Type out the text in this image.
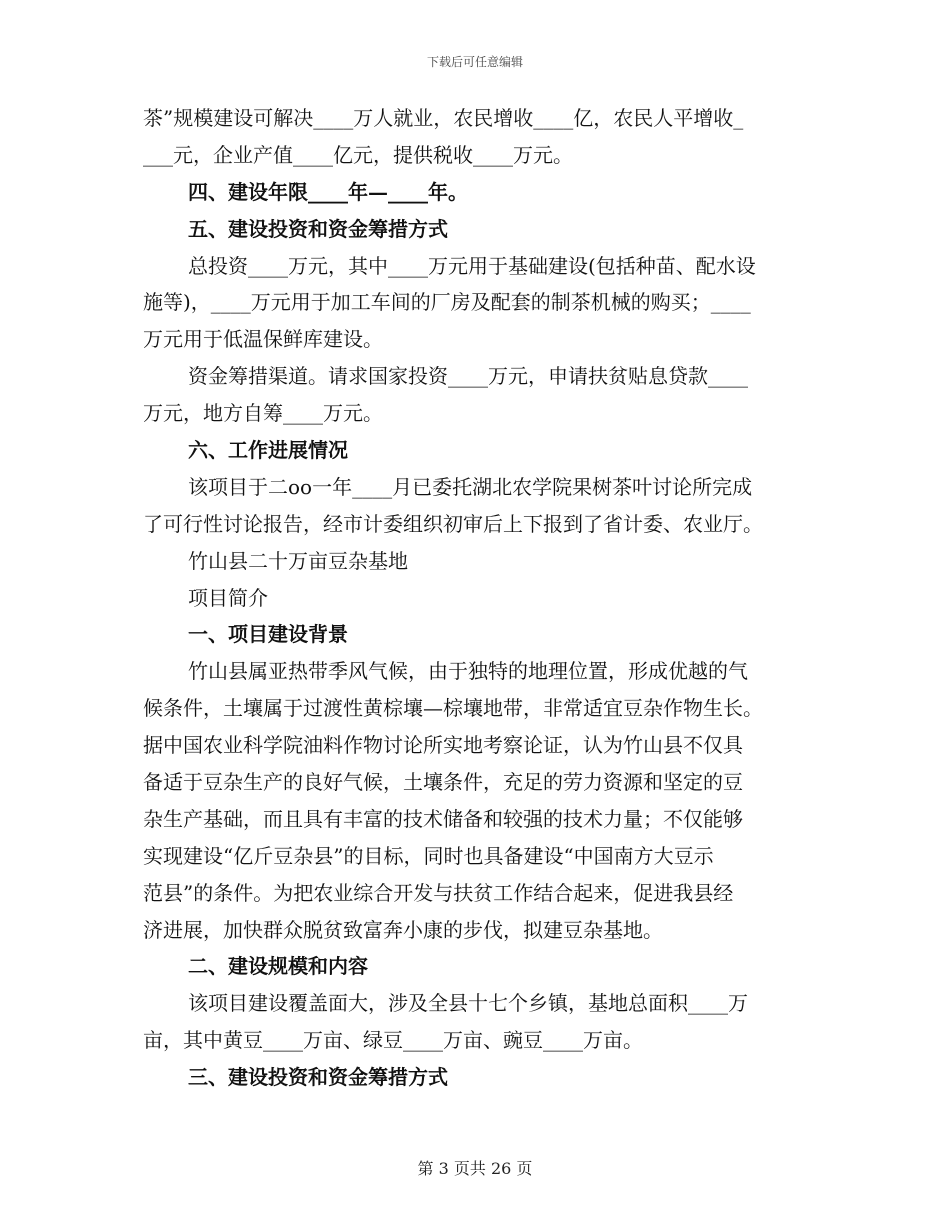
下载后可任意编辑
茶”规模建设可解决____万人就业，农民增收____亿，农民人平增收_
___元，企业产值____亿元，提供税收____万元。
四、建设年限____年—____年。
五、建设投资和资金筹措方式
总投资____万元，其中____万元用于基础建设(包括种苗、配水设
施等)，____万元用于加工车间的厂房及配套的制茶机械的购买；____
万元用于低温保鲜库建设。
资金筹措渠道。请求国家投资____万元，申请扶贫贴息贷款____
万元，地方自筹____万元。
六、工作进展情况
该项目于二oo一年____月已委托湖北农学院果树茶叶讨论所完成
了可行性讨论报告，经市计委组织初审后上下报到了省计委、农业厅。
竹山县二十万亩豆杂基地
项目简介
一、项目建设背景
竹山县属亚热带季风气候，由于独特的地理位置，形成优越的气
候条件，土壤属于过渡性黄棕壤—棕壤地带，非常适宜豆杂作物生长。
据中国农业科学院油料作物讨论所实地考察论证，认为竹山县不仅具
备适于豆杂生产的良好气候，土壤条件，充足的劳力资源和坚定的豆
杂生产基础，而且具有丰富的技术储备和较强的技术力量；不仅能够
实现建设“亿斤豆杂县”的目标，同时也具备建设“中国南方大豆示
范县”的条件。为把农业综合开发与扶贫工作结合起来，促进我县经
济进展，加快群众脱贫致富奔小康的步伐，拟建豆杂基地。
二、建设规模和内容
该项目建设覆盖面大，涉及全县十七个乡镇，基地总面积____万
亩，其中黄豆____万亩、绿豆____万亩、豌豆____万亩。
三、建设投资和资金筹措方式
第 3 页共 26 页
